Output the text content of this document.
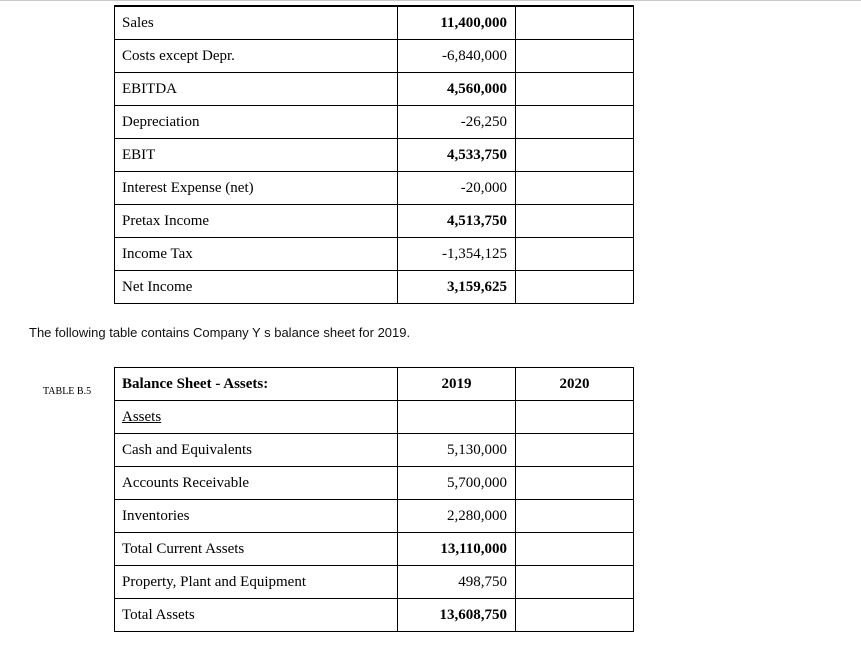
Sales	11,400,000	
Costs except Depr.	-6,840,000	
EBITDA	4,560,000	
Depreciation	-26,250	
EBIT	4,533,750	
Interest Expense (net)	-20,000	
Pretax Income	4,513,750	
Income Tax	-1,354,125	
Net Income	3,159,625	
The following table contains Company Y s balance sheet for 2019.
TABLE B.5 Balance Sheet - Assets:	2019	2020
Assets		
Cash and Equivalents	5,130,000	
Accounts Receivable	5,700,000	
Inventories	2,280,000	
Total Current Assets	13,110,000	
Property, Plant and Equipment	498,750	
Total Assets	13,608,750	
